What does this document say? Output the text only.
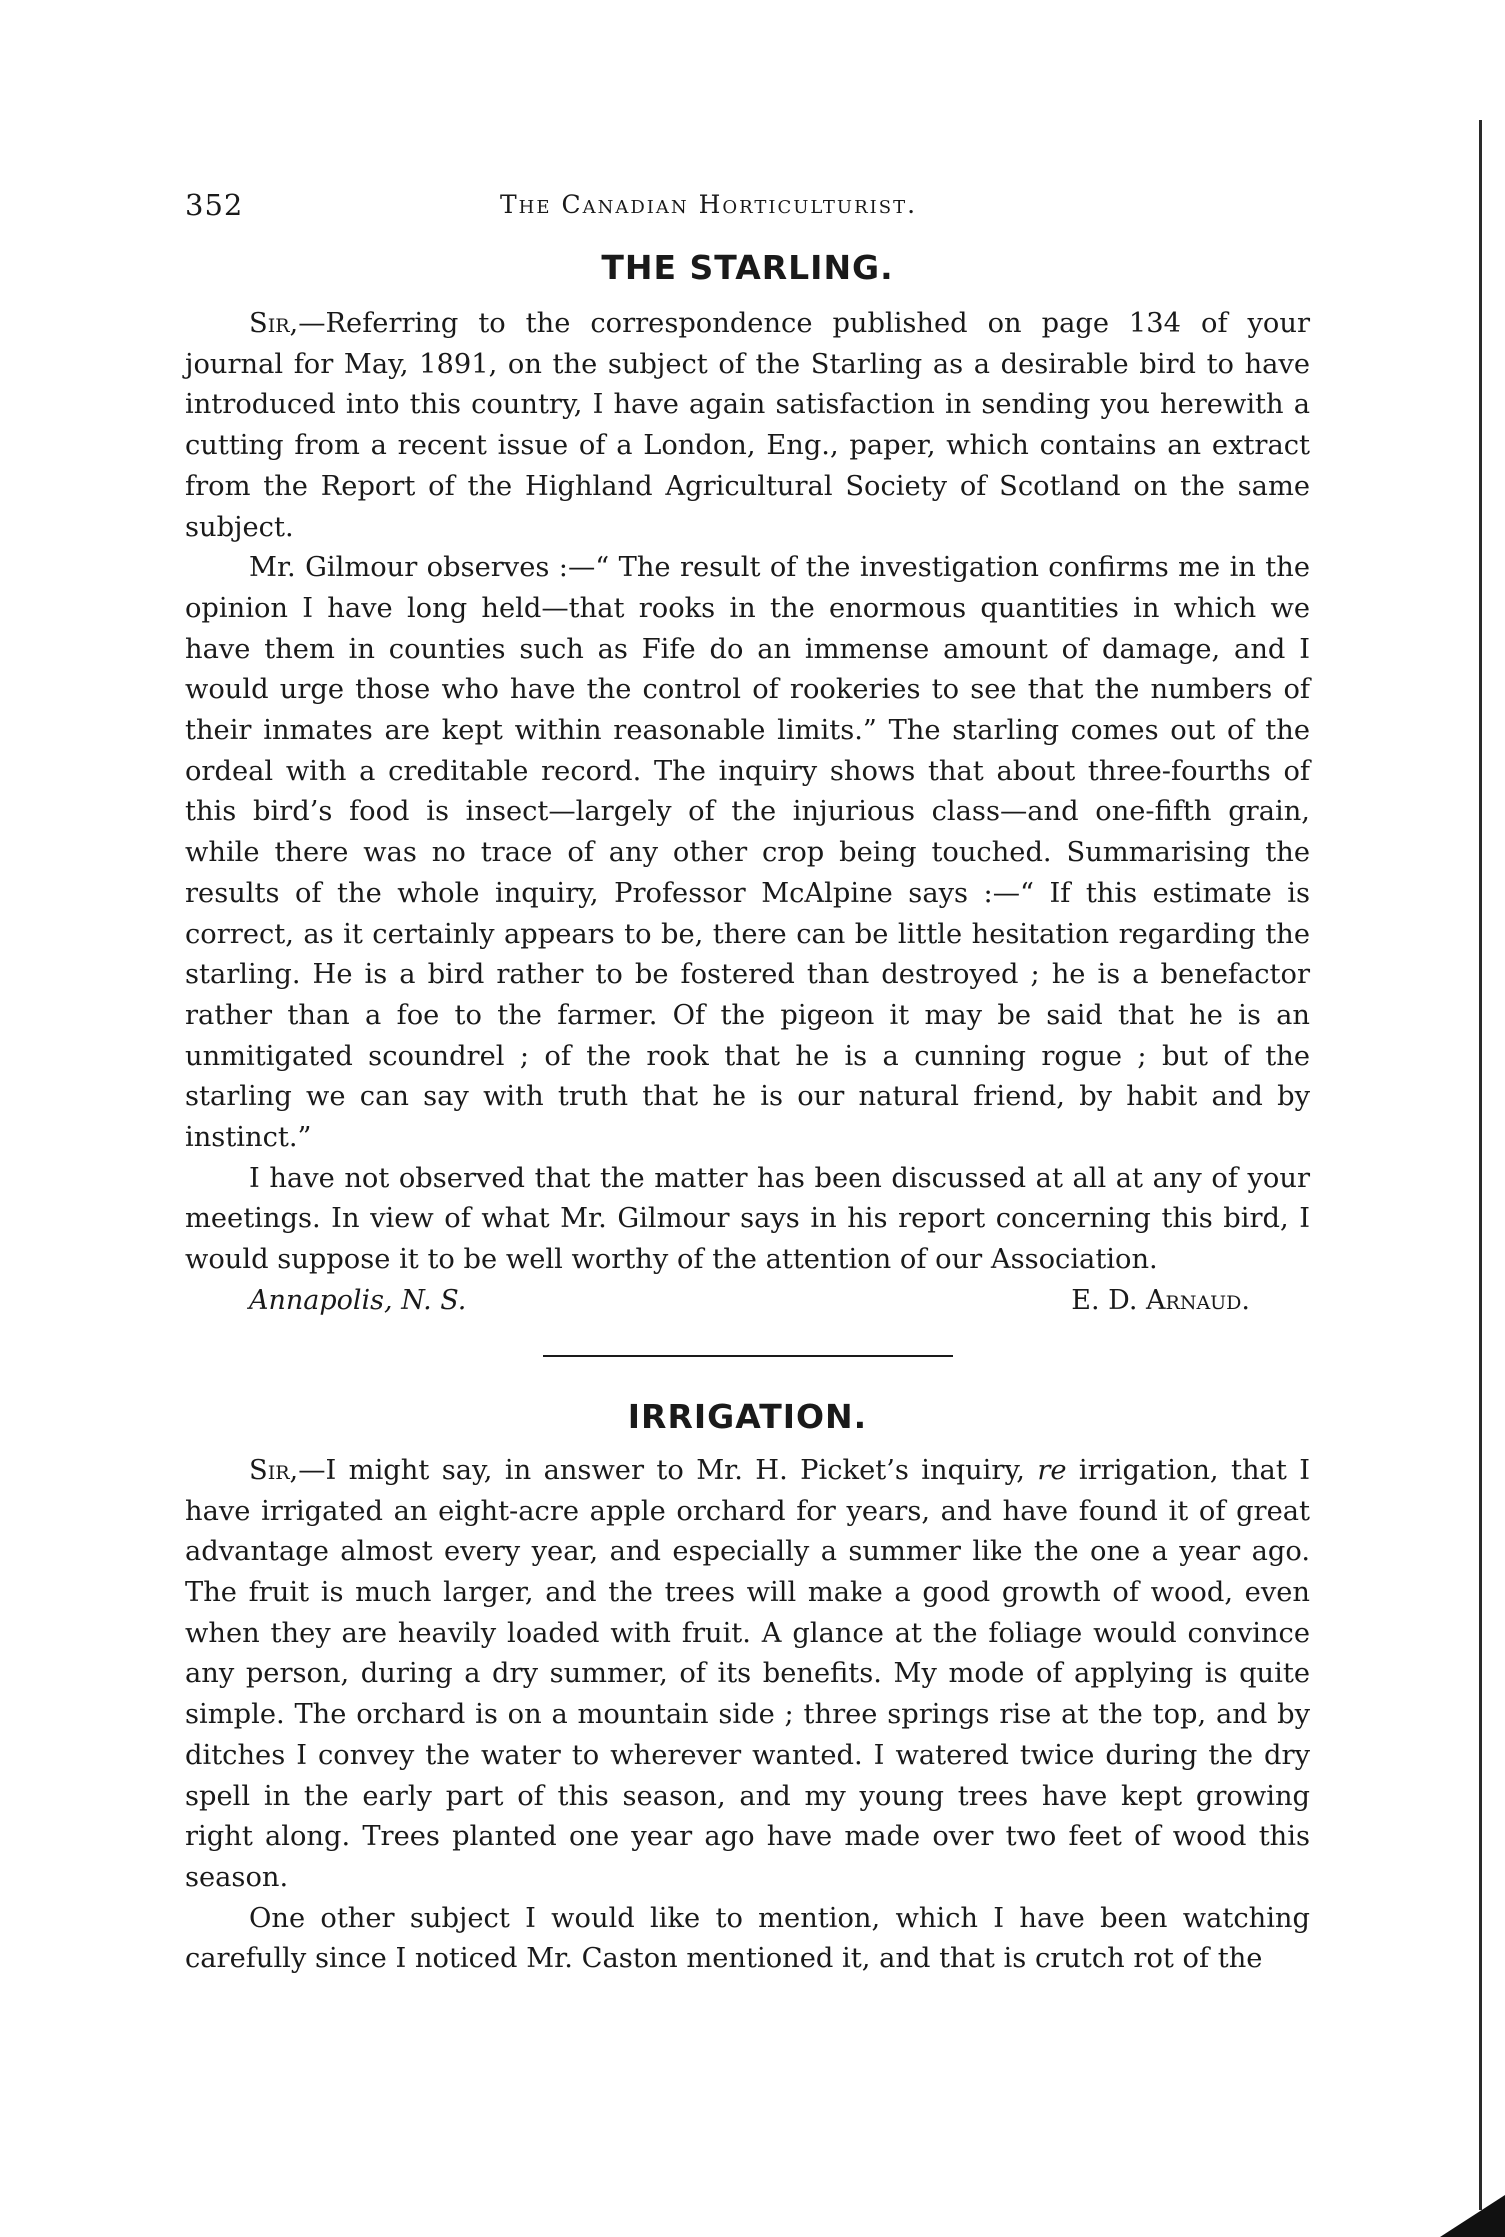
352	The Canadian Horticulturist.
THE STARLING.

Sir,—Referring to the correspondence published on page 134 of your journal for May, 1891, on the subject of the Starling as a desirable bird to have introduced into this country, I have again satisfaction in sending you herewith a cutting from a recent issue of a London, Eng., paper, which contains an extract from the Report of the Highland Agricultural Society of Scotland on the same subject.

Mr. Gilmour observes :—“ The result of the investigation confirms me in the opinion I have long held—that rooks in the enormous quantities in which we have them in counties such as Fife do an immense amount of damage, and I would urge those who have the control of rookeries to see that the numbers of their inmates are kept within reasonable limits.” The starling comes out of the ordeal with a creditable record. The inquiry shows that about three-fourths of this bird’s food is insect—largely of the injurious class—and one-fifth grain, while there was no trace of any other crop being touched. Summarising the results of the whole inquiry, Professor McAlpine says :—“ If this estimate is correct, as it certainly appears to be, there can be little hesitation regarding the starling. He is a bird rather to be fostered than destroyed ; he is a benefactor rather than a foe to the farmer. Of the pigeon it may be said that he is an unmitigated scoundrel ; of the rook that he is a cunning rogue ; but of the starling we can say with truth that he is our natural friend, by habit and by instinct.”

I have not observed that the matter has been discussed at all at any of your meetings. In view of what Mr. Gilmour says in his report concerning this bird, I would suppose it to be well worthy of the attention of our Association.

Annapolis, N. S.	E. D. Arnaud.
IRRIGATION.

Sir,—I might say, in answer to Mr. H. Picket’s inquiry, re irrigation, that I have irrigated an eight-acre apple orchard for years, and have found it of great advantage almost every year, and especially a summer like the one a year ago. The fruit is much larger, and the trees will make a good growth of wood, even when they are heavily loaded with fruit. A glance at the foliage would convince any person, during a dry summer, of its benefits. My mode of applying is quite simple. The orchard is on a mountain side ; three springs rise at the top, and by ditches I convey the water to wherever wanted. I watered twice during the dry spell in the early part of this season, and my young trees have kept growing right along. Trees planted one year ago have made over two feet of wood this season.

One other subject I would like to mention, which I have been watching carefully since I noticed Mr. Caston mentioned it, and that is crutch rot of the
